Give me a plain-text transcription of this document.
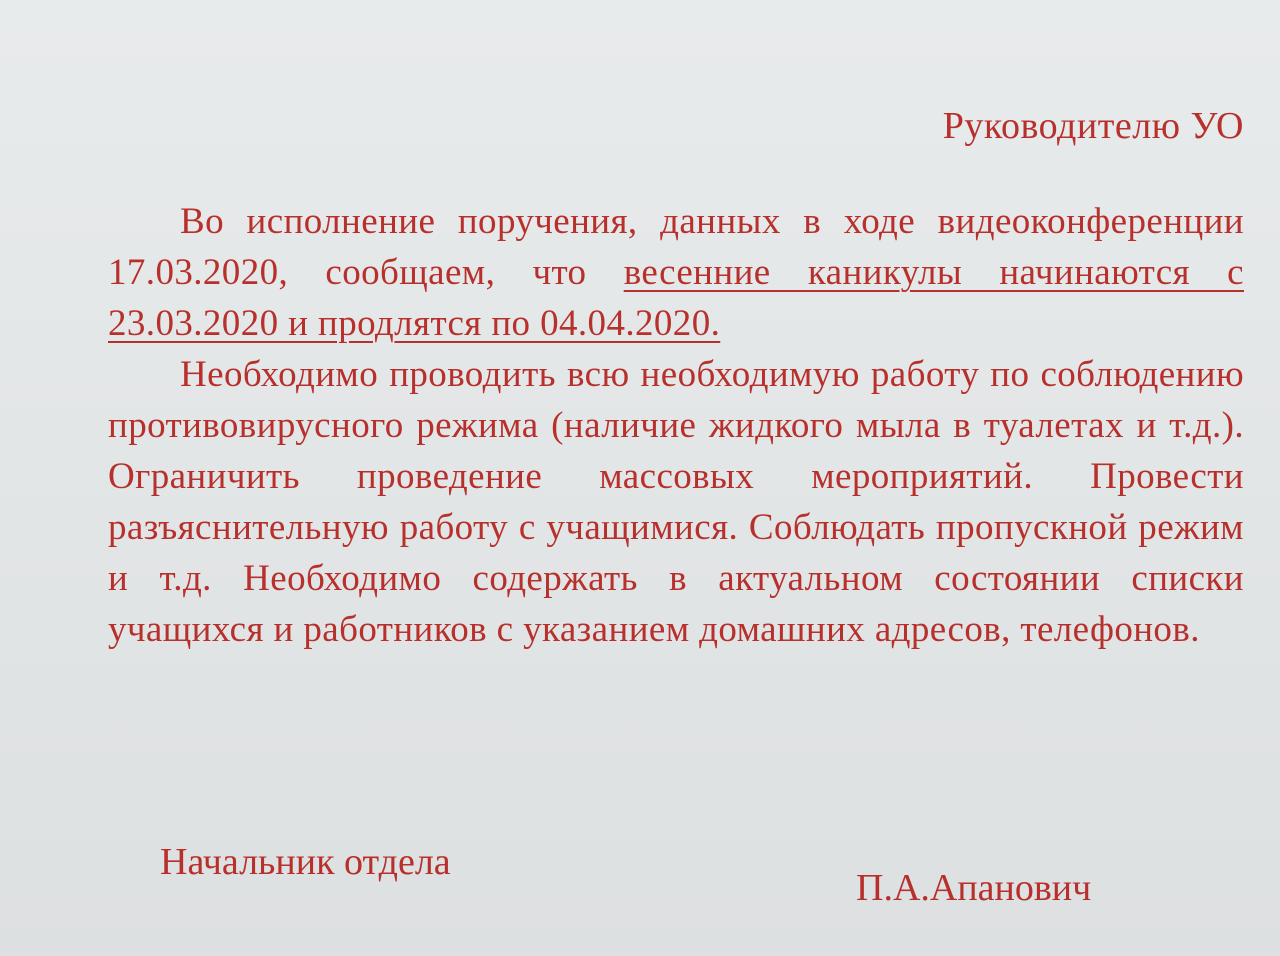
Руководителю УО

Во исполнение поручения, данных в ходе видеоконференции 17.03.2020, сообщаем, что весенние каникулы начинаются с 23.03.2020 и продлятся по 04.04.2020.

Необходимо проводить всю необходимую работу по соблюдению противовирусного режима (наличие жидкого мыла в туалетах и т.д.). Ограничить проведение массовых мероприятий. Провести разъяснительную работу с учащимися. Соблюдать пропускной режим и т.д. Необходимо содержать в актуальном состоянии списки учащихся и работников с указанием домашних адресов, телефонов.

Начальник отдела
П.А.Апанович
